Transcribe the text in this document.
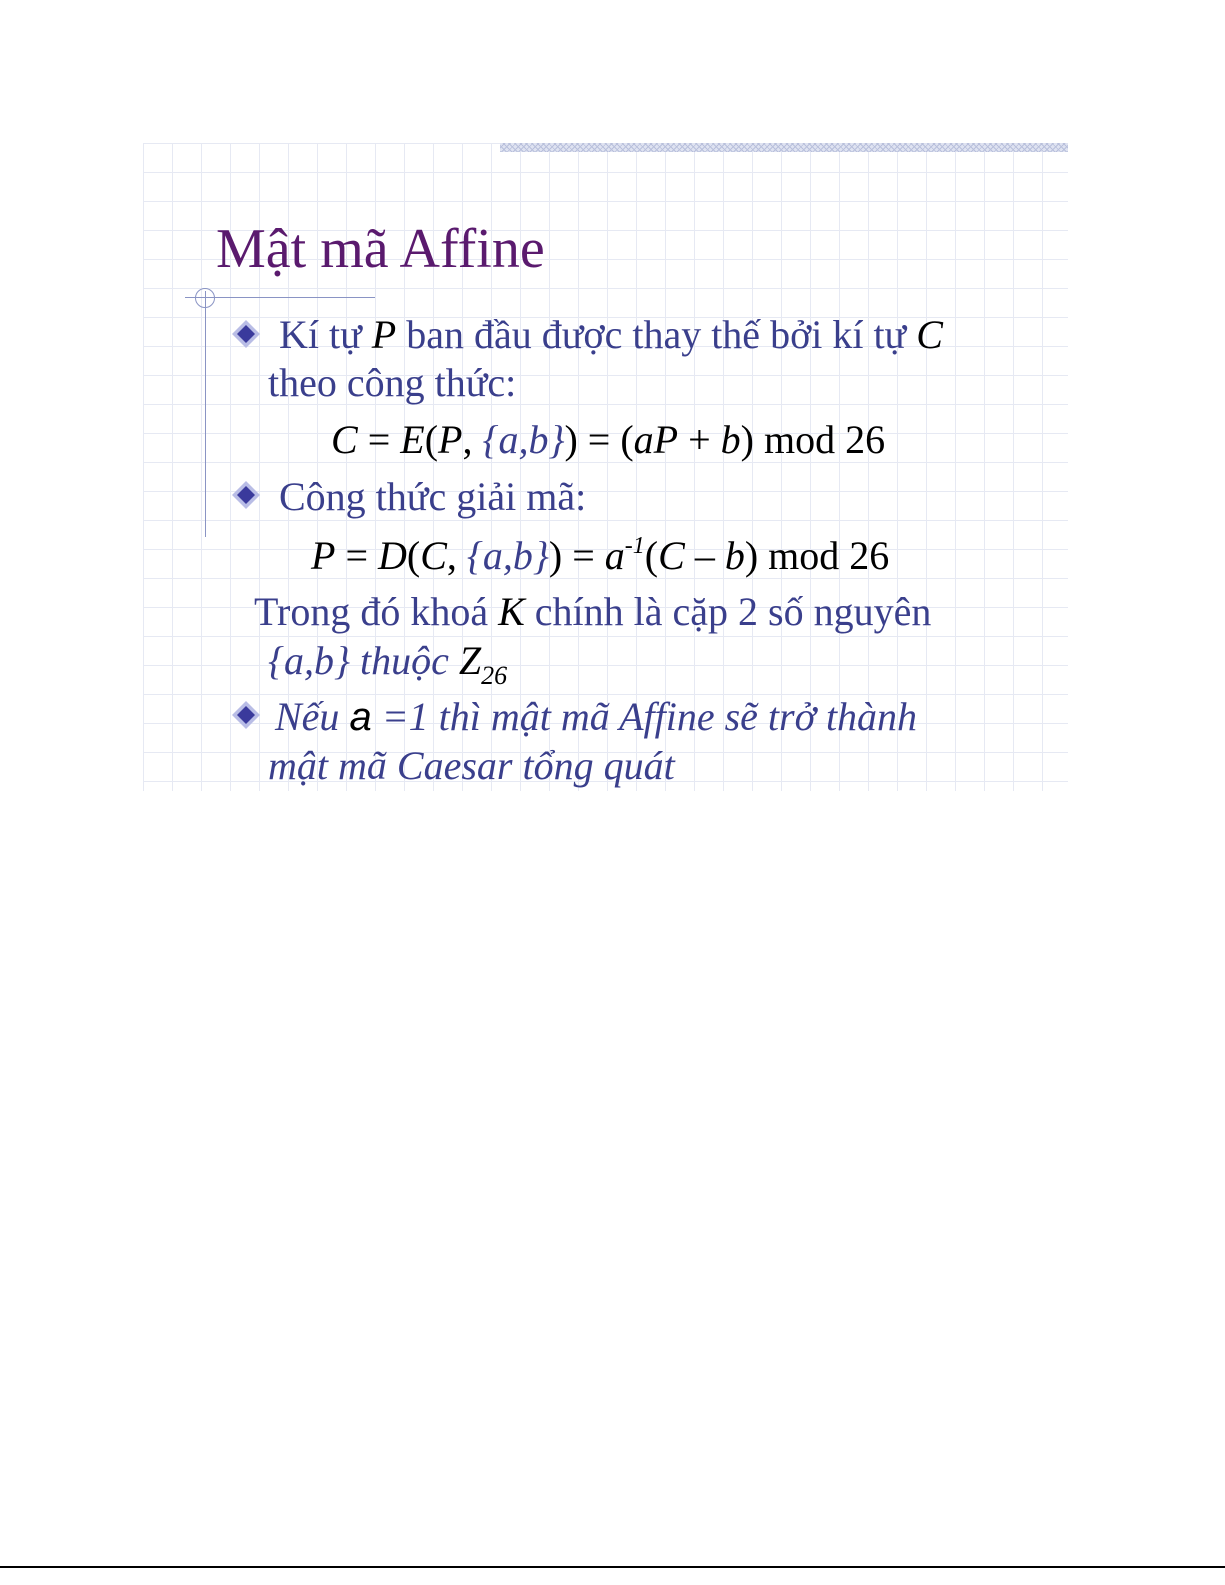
Mật mã Affine
Kí tự P ban đầu được thay thế bởi kí tự C
theo công thức:
C = E(P, {a,b}) = (aP + b) mod 26
Công thức giải mã:
P = D(C, $\{a,b\}) = a^{-1}(C - b)$ mod 26
Trong đó khoá K chính là cặp 2 số nguyên
{a,b} thuộc $Z_{26}$
Nếu a =1 thì mật mã Affine sẽ trở thành
mật mã Caesar tổng quát
